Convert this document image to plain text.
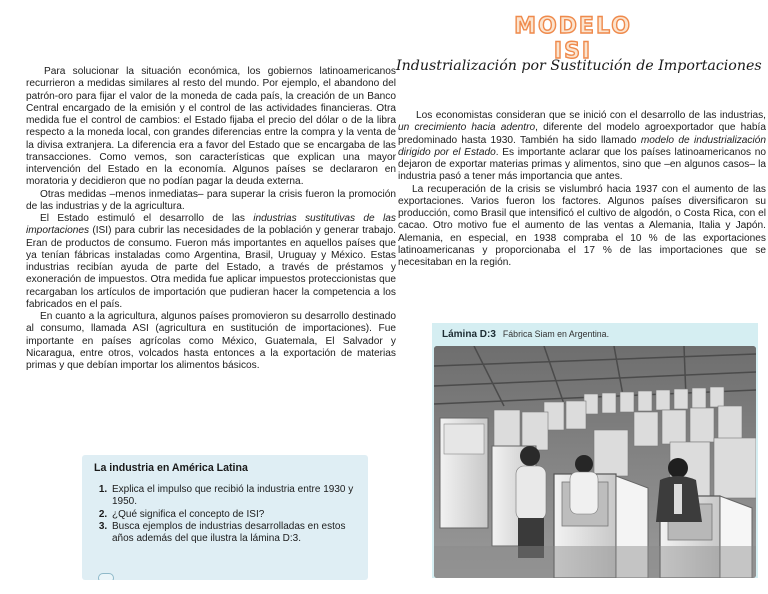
MODELO ISI
Industrialización por Sustitución de Importaciones

Para solucionar la situación económica, los gobiernos latinoamericanos recurrieron a medidas similares al resto del mundo. Por ejemplo, el abandono del patrón-oro para fijar el valor de la moneda de cada país, la creación de un Banco Central encargado de la emisión y el control de las actividades financieras. Otra medida fue el control de cambios: el Estado fijaba el precio del dólar o de la libra respecto a la moneda local, con grandes diferencias entre la compra y la venta de la divisa extranjera. La diferencia era a favor del Estado que se encargaba de las transacciones. Como vemos, son características que explican una mayor intervención del Estado en la economía. Algunos países se declararon en moratoria y decidieron que no podían pagar la deuda externa.

Otras medidas –menos inmediatas– para superar la crisis fueron la promoción de las industrias y de la agricultura.

El Estado estimuló el desarrollo de las industrias sustitutivas de las importaciones (ISI) para cubrir las necesidades de la población y generar trabajo. Eran de productos de consumo. Fueron más importantes en aquellos países que ya tenían fábricas instaladas como Argentina, Brasil, Uruguay y México. Estas industrias recibían ayuda de parte del Estado, a través de préstamos y exoneración de impuestos. Otra medida fue aplicar impuestos proteccionistas que recargaban los artículos de importación que pudieran hacer la competencia a los fabricados en el país.

En cuanto a la agricultura, algunos países promovieron su desarrollo destinado al consumo, llamada ASI (agricultura en sustitución de importaciones). Fue importante en países agrícolas como México, Guatemala, El Salvador y Nicaragua, entre otros, volcados hasta entonces a la exportación de materias primas y que debían importar los alimentos básicos.

Los economistas consideran que se inició con el desarrollo de las industrias, un crecimiento hacia adentro, diferente del modelo agroexportador que había predominado hasta 1930. También ha sido llamado modelo de industrialización dirigido por el Estado. Es importante aclarar que los países latinoamericanos no dejaron de exportar materias primas y alimentos, sino que –en algunos casos– la industria pasó a tener más importancia que antes.

La recuperación de la crisis se vislumbró hacia 1937 con el aumento de las exportaciones. Varios fueron los factores. Algunos países diversificaron su producción, como Brasil que intensificó el cultivo de algodón, o Costa Rica, con el cacao. Otro motivo fue el aumento de las ventas a Alemania, Italia y Japón. Alemania, en especial, en 1938 compraba el 10 % de las exportaciones latinoamericanas y proporcionaba el 17 % de las importaciones que se necesitaban en la región.

La industria en América Latina
1. Explica el impulso que recibió la industria entre 1930 y 1950.
2. ¿Qué significa el concepto de ISI?
3. Busca ejemplos de industrias desarrolladas en estos años además del que ilustra la lámina D:3.
Lámina D:3 Fábrica Siam en Argentina.
